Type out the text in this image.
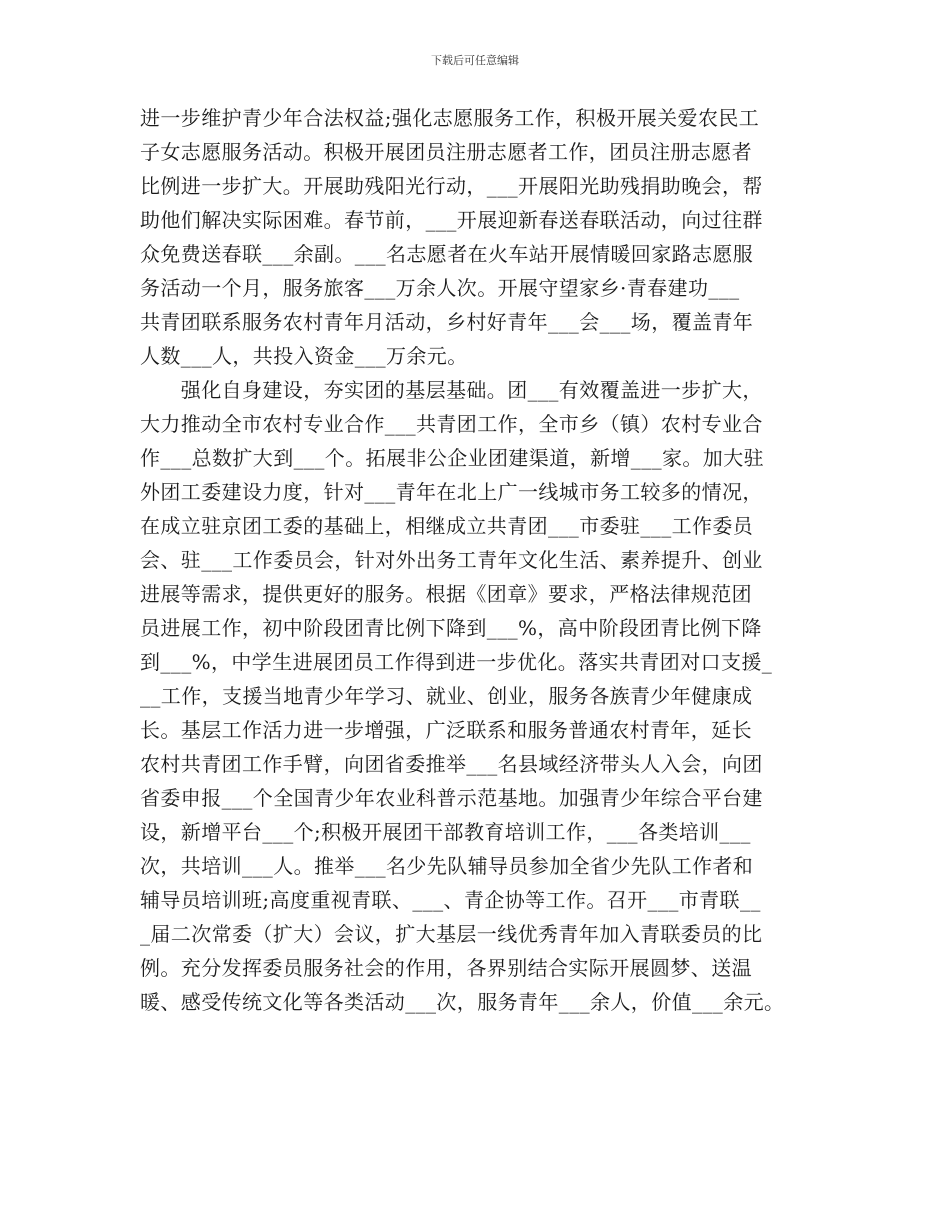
下载后可任意编辑
进一步维护青少年合法权益;强化志愿服务工作，积极开展关爱农民工
子女志愿服务活动。积极开展团员注册志愿者工作，团员注册志愿者
比例进一步扩大。开展助残阳光行动，___开展阳光助残捐助晚会，帮
助他们解决实际困难。春节前，___开展迎新春送春联活动，向过往群
众免费送春联___余副。___名志愿者在火车站开展情暖回家路志愿服
务活动一个月，服务旅客___万余人次。开展守望家乡·青春建功___
共青团联系服务农村青年月活动，乡村好青年___会___场，覆盖青年
人数___人，共投入资金___万余元。
　　强化自身建设，夯实团的基层基础。团___有效覆盖进一步扩大，
大力推动全市农村专业合作___共青团工作，全市乡（镇）农村专业合
作___总数扩大到___个。拓展非公企业团建渠道，新增___家。加大驻
外团工委建设力度，针对___青年在北上广一线城市务工较多的情况，
在成立驻京团工委的基础上，相继成立共青团___市委驻___工作委员
会、驻___工作委员会，针对外出务工青年文化生活、素养提升、创业
进展等需求，提供更好的服务。根据《团章》要求，严格法律规范团
员进展工作，初中阶段团青比例下降到___%，高中阶段团青比例下降
到___%，中学生进展团员工作得到进一步优化。落实共青团对口支援_
__工作，支援当地青少年学习、就业、创业，服务各族青少年健康成
长。基层工作活力进一步增强，广泛联系和服务普通农村青年，延长
农村共青团工作手臂，向团省委推举___名县域经济带头人入会，向团
省委申报___个全国青少年农业科普示范基地。加强青少年综合平台建
设，新增平台___个;积极开展团干部教育培训工作，___各类培训___
次，共培训___人。推举___名少先队辅导员参加全省少先队工作者和
辅导员培训班;高度重视青联、___、青企协等工作。召开___市青联__
_届二次常委（扩大）会议，扩大基层一线优秀青年加入青联委员的比
例。充分发挥委员服务社会的作用，各界别结合实际开展圆梦、送温
暖、感受传统文化等各类活动___次，服务青年___余人，价值___余元。
